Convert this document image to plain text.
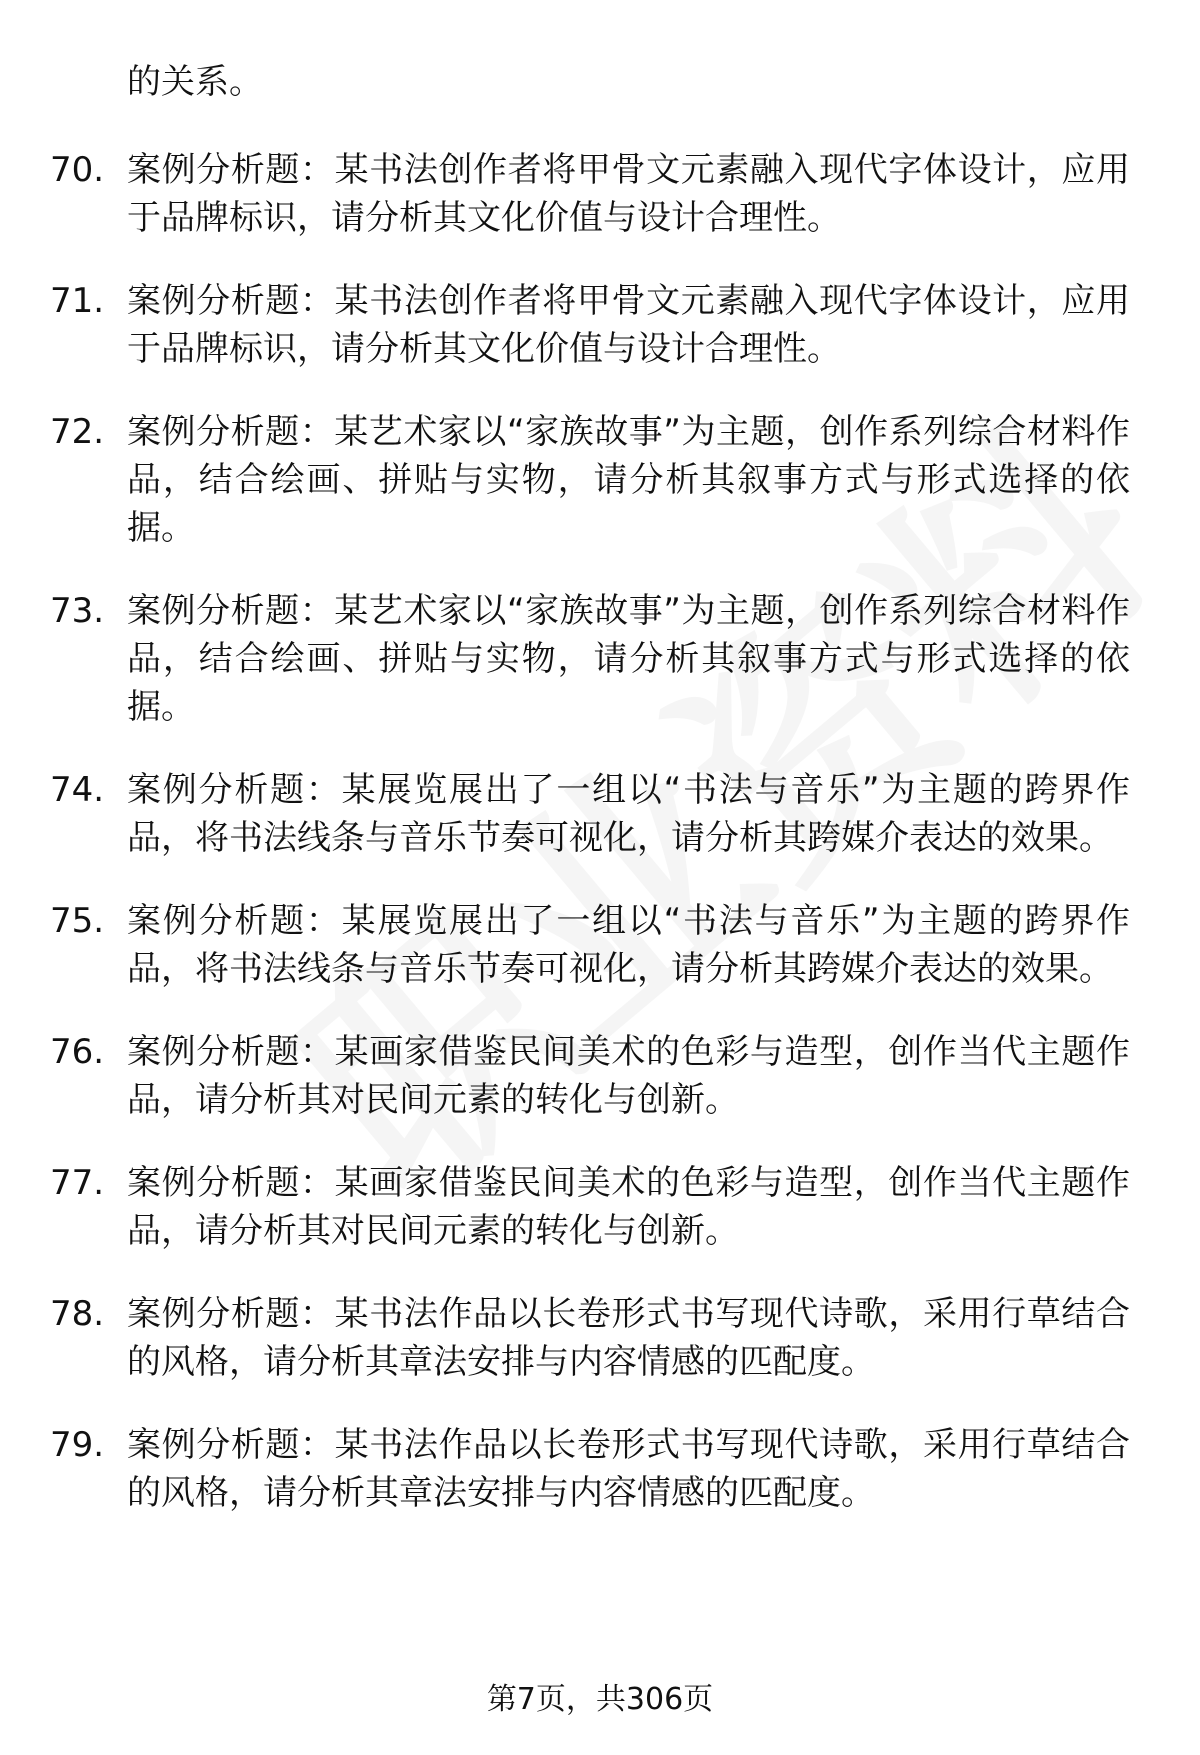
的关系。

70. 案例分析题：某书法创作者将甲骨文元素融入现代字体设计，应用于品牌标识，请分析其文化价值与设计合理性。
71. 案例分析题：某书法创作者将甲骨文元素融入现代字体设计，应用于品牌标识，请分析其文化价值与设计合理性。
72. 案例分析题：某艺术家以“家族故事”为主题，创作系列综合材料作品，结合绘画、拼贴与实物，请分析其叙事方式与形式选择的依据。
73. 案例分析题：某艺术家以“家族故事”为主题，创作系列综合材料作品，结合绘画、拼贴与实物，请分析其叙事方式与形式选择的依据。
74. 案例分析题：某展览展出了一组以“书法与音乐”为主题的跨界作品，将书法线条与音乐节奏可视化，请分析其跨媒介表达的效果。
75. 案例分析题：某展览展出了一组以“书法与音乐”为主题的跨界作品，将书法线条与音乐节奏可视化，请分析其跨媒介表达的效果。
76. 案例分析题：某画家借鉴民间美术的色彩与造型，创作当代主题作品，请分析其对民间元素的转化与创新。
77. 案例分析题：某画家借鉴民间美术的色彩与造型，创作当代主题作品，请分析其对民间元素的转化与创新。
78. 案例分析题：某书法作品以长卷形式书写现代诗歌，采用行草结合的风格，请分析其章法安排与内容情感的匹配度。
79. 案例分析题：某书法作品以长卷形式书写现代诗歌，采用行草结合的风格，请分析其章法安排与内容情感的匹配度。
第7页，共306页
